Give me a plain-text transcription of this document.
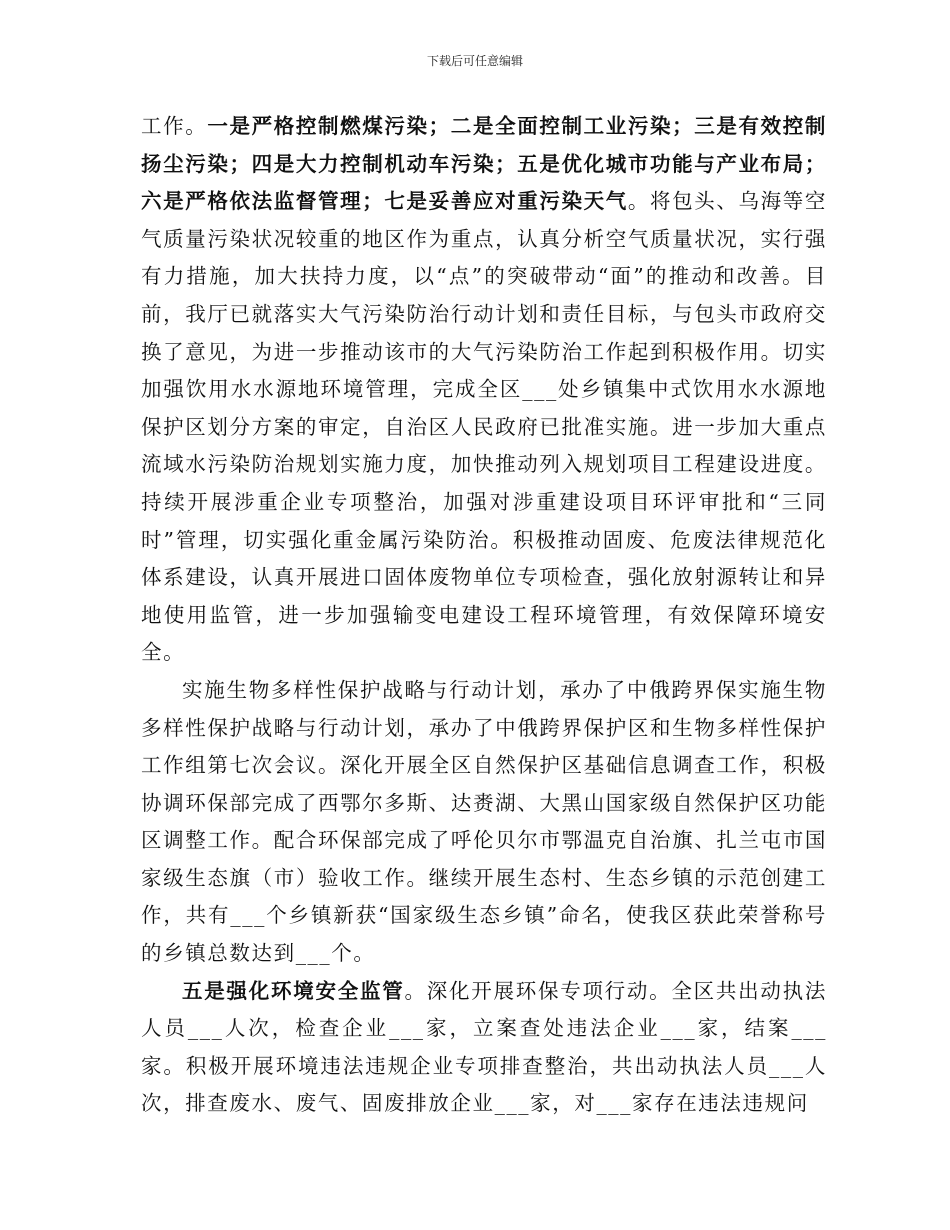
下载后可任意编辑

工作。一是严格控制燃煤污染；二是全面控制工业污染；三是有效控制扬尘污染；四是大力控制机动车污染；五是优化城市功能与产业布局；六是严格依法监督管理；七是妥善应对重污染天气。将包头、乌海等空气质量污染状况较重的地区作为重点，认真分析空气质量状况，实行强有力措施，加大扶持力度，以“点”的突破带动“面”的推动和改善。目前，我厅已就落实大气污染防治行动计划和责任目标，与包头市政府交换了意见，为进一步推动该市的大气污染防治工作起到积极作用。切实加强饮用水水源地环境管理，完成全区___处乡镇集中式饮用水水源地保护区划分方案的审定，自治区人民政府已批准实施。进一步加大重点流域水污染防治规划实施力度，加快推动列入规划项目工程建设进度。持续开展涉重企业专项整治，加强对涉重建设项目环评审批和“三同时”管理，切实强化重金属污染防治。积极推动固废、危废法律规范化体系建设，认真开展进口固体废物单位专项检查，强化放射源转让和异地使用监管，进一步加强输变电建设工程环境管理，有效保障环境安全。

实施生物多样性保护战略与行动计划，承办了中俄跨界保实施生物多样性保护战略与行动计划，承办了中俄跨界保护区和生物多样性保护工作组第七次会议。深化开展全区自然保护区基础信息调查工作，积极协调环保部完成了西鄂尔多斯、达赉湖、大黑山国家级自然保护区功能区调整工作。配合环保部完成了呼伦贝尔市鄂温克自治旗、扎兰屯市国家级生态旗（市）验收工作。继续开展生态村、生态乡镇的示范创建工作，共有___个乡镇新获“国家级生态乡镇”命名，使我区获此荣誉称号的乡镇总数达到___个。

五是强化环境安全监管。深化开展环保专项行动。全区共出动执法人员___人次，检查企业___家，立案查处违法企业___家，结案___家。积极开展环境违法违规企业专项排查整治，共出动执法人员___人次，排查废水、废气、固废排放企业___家，对___家存在违法违规问
